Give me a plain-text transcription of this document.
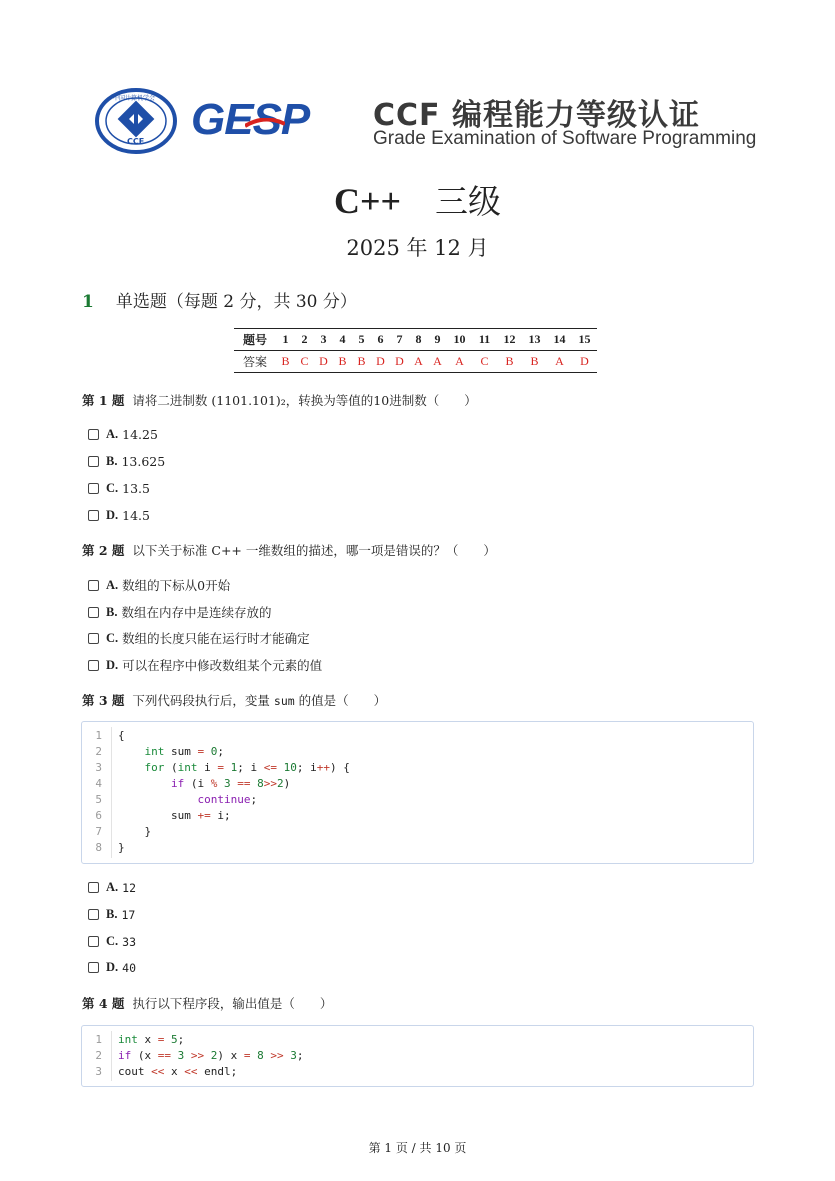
中国计算机学会
CCF GESP CCF 编程能力等级认证
Grade Examination of Software Programming
C++ 三级
2025 年 12 月
1 单选题（每题 2 分，共 30 分）
题号	1	2	3	4	5	6	7	8	9	10	11	12	13	14	15
答案	B	C	D	B	B	D	D	A	A	A	C	B	B	A	D
第 1 题 请将二进制数 (1101.101)₂，转换为等值的10进制数（　　）
A. 14.25
B. 13.625
C. 13.5
D. 14.5
第 2 题 以下关于标准 C++ 一维数组的描述，哪一项是错误的？（　　）
A. 数组的下标从0开始
B. 数组在内存中是连续存放的
C. 数组的长度只能在运行时才能确定
D. 可以在程序中修改数组某个元素的值
第 3 题 下列代码段执行后，变量 sum 的值是（　　）
1 {
2	int sum = 0;
3	for (int i = 1; i <= 10; i++) {
4	if (i % 3 == 8>>2)
5	continue;
6 sum += i;
7 }
8 }
A. 12
B. 17
C. 33
D. 40
第 4 题 执行以下程序段，输出值是（　　）
1 int x = 5;
2 if (x == 3 >> 2) x = 8 >> 3;
3 cout << x << endl;
第 1 页 / 共 10 页
